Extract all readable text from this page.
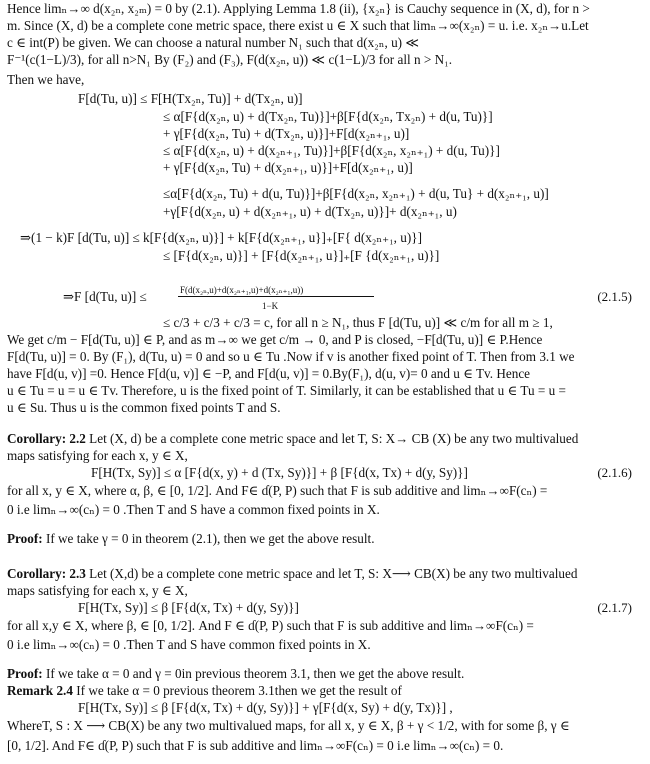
Hence limₙ→∞ d(x₂ₙ, x₂ₘ) = 0 by (2.1). Applying Lemma 1.8 (ii), {x₂ₙ} is Cauchy sequence in (X, d), for n >
m. Since (X, d) be a complete cone metric space, there exist u ∈ X such that limₙ→∞(x₂ₙ) = u. i.e. x₂ₙ→u.Let
c ∈ int(P) be given. We can choose a natural number N₁ such that d(x₂ₙ, u) ≪
F⁻¹(c(1−L)/3), for all n>N₁ By (F₂) and (F₃), F(d(x₂ₙ, u)) ≪ c(1−L)/3 for all n > N₁.
Then we have,
F[d(Tu, u)] ≤ F[H(Tx₂ₙ, Tu)] + d(Tx₂ₙ, u)]
≤ α[F{d(x₂ₙ, u) + d(Tx₂ₙ, Tu)}]+β[F{d(x₂ₙ, Tx₂ₙ) + d(u, Tu)}]
+ γ[F{d(x₂ₙ, Tu) + d(Tx₂ₙ, u)}]+F[d(x₂ₙ₊₁, u)]
≤ α[F{d(x₂ₙ, u) + d(x₂ₙ₊₁, Tu)}]+β[F{d(x₂ₙ, x₂ₙ₊₁) + d(u, Tu)}]
+ γ[F{d(x₂ₙ, Tu) + d(x₂ₙ₊₁, u)}]+F[d(x₂ₙ₊₁, u)]
≤α[F{d(x₂ₙ, Tu) + d(u, Tu)}]+β[F{d(x₂ₙ, x₂ₙ₊₁) + d(u, Tu} + d(x₂ₙ₊₁, u)]
+γ[F{d(x₂ₙ, u) + d(x₂ₙ₊₁, u) + d(Tx₂ₙ, u)}]+ d(x₂ₙ₊₁, u)
⇒(1 − k)F [d(Tu, u)] ≤ k[F{d(x₂ₙ, u)}] + k[F{d(x₂ₙ₊₁, u}]₊[F{ d(x₂ₙ₊₁, u)}]
≤ [F{d(x₂ₙ, u)}] + [F{d(x₂ₙ₊₁, u}]₊[F {d(x₂ₙ₊₁, u)}]
⇒F [d(Tu, u)] ≤
≤ c/3 + c/3 + c/3 = c, for all n ≥ N₁, thus F [d(Tu, u)] ≪ c/m for all m ≥ 1,
We get c/m − F[d(Tu, u)] ∈ P, and as m→∞ we get c/m → 0, and P is closed, −F[d(Tu, u)] ∈ P.Hence
F[d(Tu, u)] = 0. By (F₁), d(Tu, u) = 0 and so u ∈ Tu .Now if v is another fixed point of T. Then from 3.1 we
have F[d(u, v)] =0. Hence F[d(u, v)] ∈ −P, and F[d(u, v)] = 0.By(F₁), d(u, v)= 0 and u ∈ Tv. Hence
u ∈ Tu = u = u ∈ Tv. Therefore, u is the fixed point of T. Similarly, it can be established that u ∈ Tu = u =
u ∈ Su. Thus u is the common fixed points T and S.
Corollary: 2.2 Let (X, d) be a complete cone metric space and let T, S: X→ CB (X) be any two multivalued
maps satisfying for each x, y ∈ X,
F[H(Tx, Sy)] ≤ α [F{d(x, y) + d (Tx, Sy)}] + β [F{d(x, Tx) + d(y, Sy)}]
for all x, y ∈ X, where α, β, ∈ [0, 1/2]. And F∈ ɗ(P, P) such that F is sub additive and limₙ→∞F(cₙ) =
0 i.e limₙ→∞(cₙ) = 0 .Then T and S have a common fixed points in X.
Proof: If we take γ = 0 in theorem (2.1), then we get the above result.
Corollary: 2.3 Let (X,d) be a complete cone metric space and let T, S: X⟶ CB(X) be any two multivalued
maps satisfying for each x, y ∈ X,
F[H(Tx, Sy)] ≤ β [F{d(x, Tx) + d(y, Sy)}]
for all x,y ∈ X, where β, ∈ [0, 1/2]. And F ∈ ɗ(P, P) such that F is sub additive and limₙ→∞F(cₙ) =
0 i.e limₙ→∞(cₙ) = 0 .Then T and S have common fixed points in X.
Proof: If we take α = 0 and γ = 0in previous theorem 3.1, then we get the above result.
Remark 2.4 If we take α = 0 previous theorem 3.1then we get the result of
F[H(Tx, Sy)] ≤ β [F{d(x, Tx) + d(y, Sy)}] + γ[F{d(x, Sy) + d(y, Tx)}] ,
WhereT, S : X ⟶ CB(X) be any two multivalued maps, for all x, y ∈ X, β + γ < 1/2, with for some β, γ ∈
[0, 1/2]. And F∈ ɗ(P, P) such that F is sub additive and limₙ→∞F(cₙ) = 0 i.e limₙ→∞(cₙ) = 0.
F(d(x₂ₙ,u)+d(x₂ₙ₊₁,u)+d(x₂ₙ₊₁,u))
1−K
(2.1.5)
(2.1.6)
(2.1.7)
